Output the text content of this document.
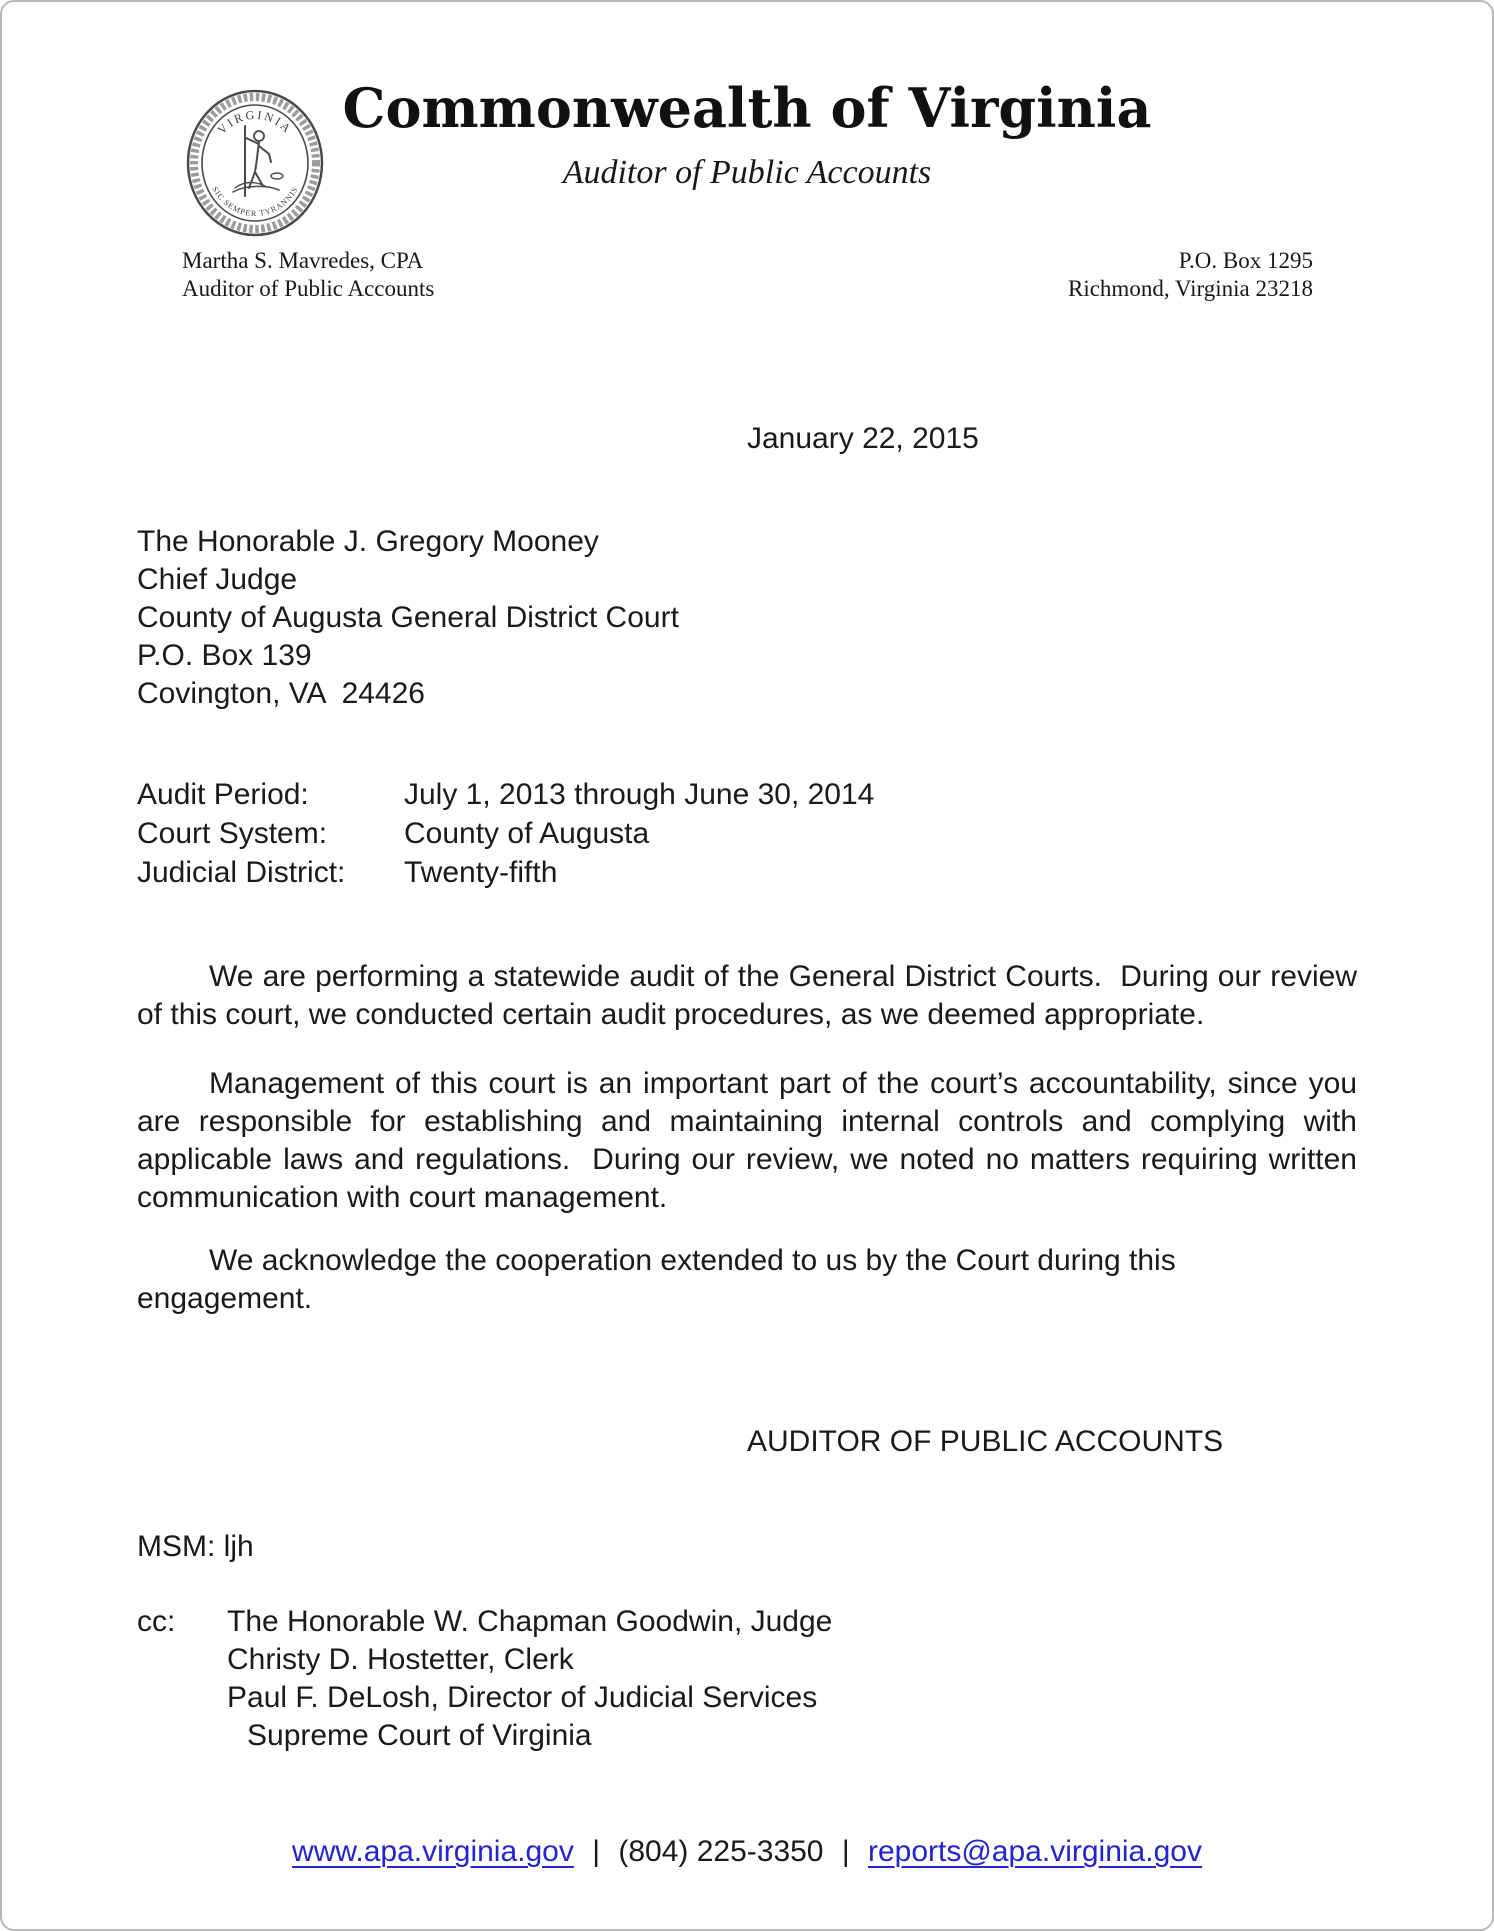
VIRGINIA
SIC SEMPER TYRANNIS
Commonwealth of Virginia
Auditor of Public Accounts
Martha S. Mavredes, CPA
Auditor of Public Accounts
P.O. Box 1295
Richmond, Virginia 23218
January 22, 2015
The Honorable J. Gregory Mooney
Chief Judge
County of Augusta General District Court
P.O. Box 139
Covington, VA  24426
Audit Period:	July 1, 2013 through June 30, 2014
Court System:	County of Augusta
Judicial District:	Twenty-fifth

We are performing a statewide audit of the General District Courts.  During our review of this court, we conducted certain audit procedures, as we deemed appropriate.

Management of this court is an important part of the court’s accountability, since you are responsible for establishing and maintaining internal controls and complying with applicable laws and regulations.  During our review, we noted no matters requiring written communication with court management.

We acknowledge the cooperation extended to us by the Court during this engagement.

AUDITOR OF PUBLIC ACCOUNTS
MSM: ljh
cc:	The Honorable W. Chapman Goodwin, Judge
Christy D. Hostetter, Clerk
Paul F. DeLosh, Director of Judicial Services
Supreme Court of Virginia
www.apa.virginia.gov | (804) 225-3350 | reports@apa.virginia.gov
